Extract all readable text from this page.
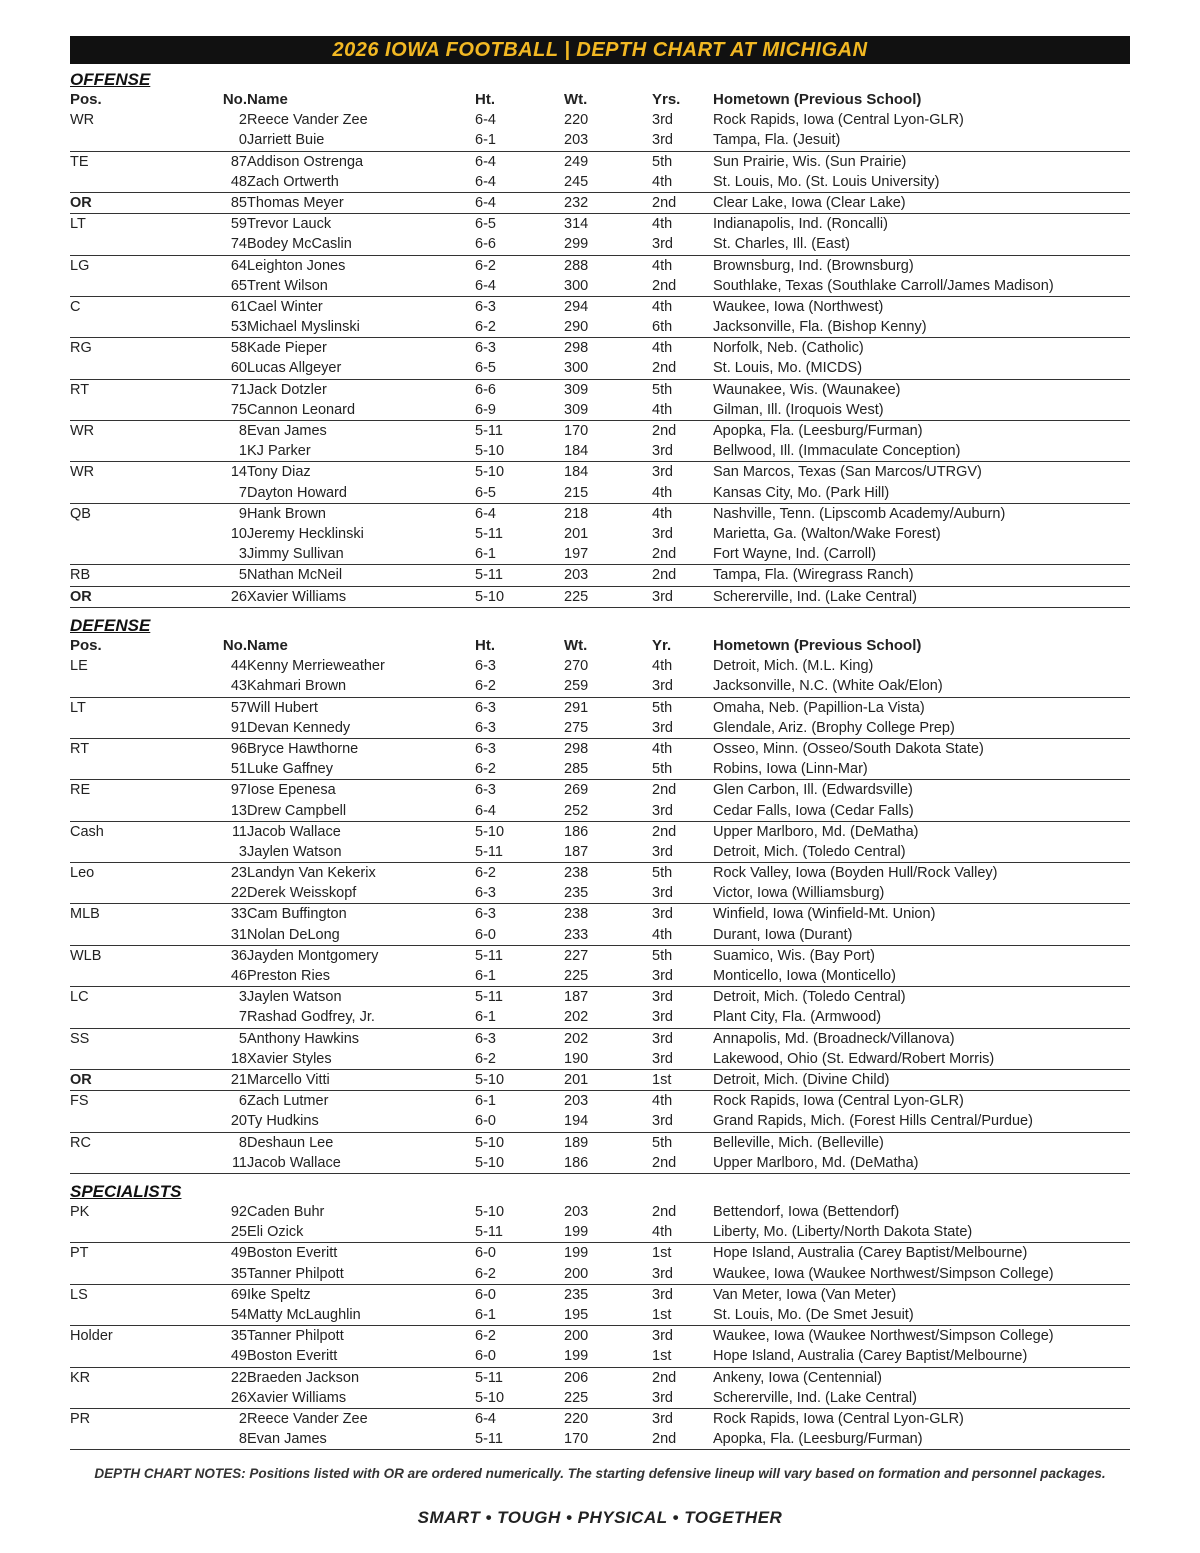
2026 IOWA FOOTBALL | DEPTH CHART AT MICHIGAN
OFFENSE
Pos.	No. Name	Ht.	Wt.	Yrs. Hometown (Previous School)
WR	2 Reece Vander Zee	6-4	220	3rd	Rock Rapids, Iowa (Central Lyon-GLR)
0 Jarriett Buie	6-1	203	3rd	Tampa, Fla. (Jesuit)
TE	87 Addison Ostrenga	6-4	249	5th	Sun Prairie, Wis. (Sun Prairie)
48 Zach Ortwerth	6-4	245	4th	St. Louis, Mo. (St. Louis University)
OR	85 Thomas Meyer	6-4	232	2nd	Clear Lake, Iowa (Clear Lake)
LT	59 Trevor Lauck	6-5	314	4th	Indianapolis, Ind. (Roncalli)
74 Bodey McCaslin	6-6	299	3rd	St. Charles, Ill. (East)
LG	64 Leighton Jones	6-2	288	4th	Brownsburg, Ind. (Brownsburg)
65 Trent Wilson	6-4	300	2nd	Southlake, Texas (Southlake Carroll/James Madison)
C	61 Cael Winter	6-3	294	4th	Waukee, Iowa (Northwest)
53 Michael Myslinski	6-2	290	6th	Jacksonville, Fla. (Bishop Kenny)
RG	58 Kade Pieper	6-3	298	4th	Norfolk, Neb. (Catholic)
60 Lucas Allgeyer	6-5	300	2nd	St. Louis, Mo. (MICDS)
RT	71 Jack Dotzler	6-6	309	5th	Waunakee, Wis. (Waunakee)
75 Cannon Leonard	6-9	309	4th	Gilman, Ill. (Iroquois West)
WR	8 Evan James	5-11	170	2nd	Apopka, Fla. (Leesburg/Furman)
1 KJ Parker	5-10	184	3rd	Bellwood, Ill. (Immaculate Conception)
WR	14 Tony Diaz	5-10	184	3rd	San Marcos, Texas (San Marcos/UTRGV)
7 Dayton Howard	6-5	215	4th	Kansas City, Mo. (Park Hill)
QB	9 Hank Brown	6-4	218	4th	Nashville, Tenn. (Lipscomb Academy/Auburn)
10 Jeremy Hecklinski	5-11	201	3rd	Marietta, Ga. (Walton/Wake Forest)
3 Jimmy Sullivan	6-1	197	2nd	Fort Wayne, Ind. (Carroll)
RB	5 Nathan McNeil	5-11	203	2nd	Tampa, Fla. (Wiregrass Ranch)
OR	26 Xavier Williams	5-10	225	3rd	Schererville, Ind. (Lake Central)
DEFENSE
Pos.	No. Name	Ht.	Wt.	Yr.	Hometown (Previous School)
LE	44 Kenny Merrieweather	6-3	270	4th	Detroit, Mich. (M.L. King)
43 Kahmari Brown	6-2	259	3rd	Jacksonville, N.C. (White Oak/Elon)
LT	57 Will Hubert	6-3	291	5th	Omaha, Neb. (Papillion-La Vista)
91 Devan Kennedy	6-3	275	3rd	Glendale, Ariz. (Brophy College Prep)
RT	96 Bryce Hawthorne	6-3	298	4th	Osseo, Minn. (Osseo/South Dakota State)
51 Luke Gaffney	6-2	285	5th	Robins, Iowa (Linn-Mar)
RE	97 Iose Epenesa	6-3	269	2nd	Glen Carbon, Ill. (Edwardsville)
13 Drew Campbell	6-4	252	3rd	Cedar Falls, Iowa (Cedar Falls)
Cash	11 Jacob Wallace	5-10	186	2nd	Upper Marlboro, Md. (DeMatha)
3 Jaylen Watson	5-11	187	3rd	Detroit, Mich. (Toledo Central)
Leo	23 Landyn Van Kekerix	6-2	238	5th	Rock Valley, Iowa (Boyden Hull/Rock Valley)
22 Derek Weisskopf	6-3	235	3rd	Victor, Iowa (Williamsburg)
MLB	33 Cam Buffington	6-3	238	3rd	Winfield, Iowa (Winfield-Mt. Union)
31 Nolan DeLong	6-0	233	4th	Durant, Iowa (Durant)
WLB	36 Jayden Montgomery	5-11	227	5th	Suamico, Wis. (Bay Port)
46 Preston Ries	6-1	225	3rd	Monticello, Iowa (Monticello)
LC	3 Jaylen Watson	5-11	187	3rd	Detroit, Mich. (Toledo Central)
7 Rashad Godfrey, Jr.	6-1	202	3rd	Plant City, Fla. (Armwood)
SS	5 Anthony Hawkins	6-3	202	3rd	Annapolis, Md. (Broadneck/Villanova)
18 Xavier Styles	6-2	190	3rd	Lakewood, Ohio (St. Edward/Robert Morris)
OR	21 Marcello Vitti	5-10	201	1st	Detroit, Mich. (Divine Child)
FS	6 Zach Lutmer	6-1	203	4th	Rock Rapids, Iowa (Central Lyon-GLR)
20 Ty Hudkins	6-0	194	3rd	Grand Rapids, Mich. (Forest Hills Central/Purdue)
RC	8 Deshaun Lee	5-10	189	5th	Belleville, Mich. (Belleville)
11 Jacob Wallace	5-10	186	2nd	Upper Marlboro, Md. (DeMatha)
SPECIALISTS
PK	92 Caden Buhr	5-10	203	2nd	Bettendorf, Iowa (Bettendorf)
25 Eli Ozick	5-11	199	4th	Liberty, Mo. (Liberty/North Dakota State)
PT	49 Boston Everitt	6-0	199	1st	Hope Island, Australia (Carey Baptist/Melbourne)
35 Tanner Philpott	6-2	200	3rd	Waukee, Iowa (Waukee Northwest/Simpson College)
LS	69 Ike Speltz	6-0	235	3rd	Van Meter, Iowa (Van Meter)
54 Matty McLaughlin	6-1	195	1st	St. Louis, Mo. (De Smet Jesuit)
Holder	35 Tanner Philpott	6-2	200	3rd	Waukee, Iowa (Waukee Northwest/Simpson College)
49 Boston Everitt	6-0	199	1st	Hope Island, Australia (Carey Baptist/Melbourne)
KR	22 Braeden Jackson	5-11	206	2nd	Ankeny, Iowa (Centennial)
26 Xavier Williams	5-10	225	3rd	Schererville, Ind. (Lake Central)
PR	2 Reece Vander Zee	6-4	220	3rd	Rock Rapids, Iowa (Central Lyon-GLR)
8 Evan James	5-11	170	2nd	Apopka, Fla. (Leesburg/Furman)
DEPTH CHART NOTES: Positions listed with OR are ordered numerically. The starting defensive lineup will vary based on formation and personnel packages.
SMART • TOUGH • PHYSICAL • TOGETHER
